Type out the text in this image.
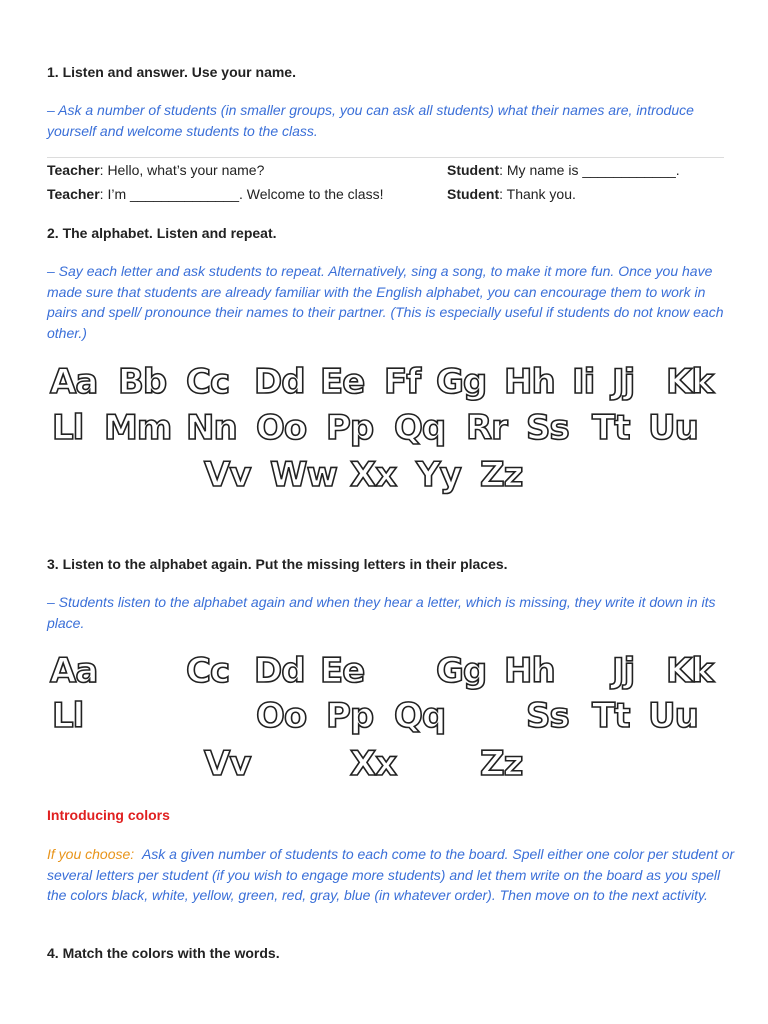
1. Listen and answer. Use your name.
– Ask a number of students (in smaller groups, you can ask all students) what their names are, introduce yourself and welcome students to the class.
Teacher: Hello, what’s your name?	Student: My name is ____________.
Teacher: I’m ______________. Welcome to the class!	Student: Thank you.
2. The alphabet. Listen and repeat.
– Say each letter and ask students to repeat. Alternatively, sing a song, to make it more fun. Once you have made sure that students are already familiar with the English alphabet, you can encourage them to work in pairs and spell/ pronounce their names to their partner. (This is especially useful if students do not know each other.)
Aa Bb Cc Dd Ee Ff Gg Hh Ii Jj Kk
Ll Mm Nn Oo Pp Qq Rr Ss Tt Uu
Vv Ww Xx Yy Zz
3. Listen to the alphabet again. Put the missing letters in their places.
– Students listen to the alphabet again and when they hear a letter, which is missing, they write it down in its place.
Aa	Cc Dd Ee Gg Hh Jj Kk
Ll	Oo Pp Qq Ss Tt Uu
Vv	Xx Zz
Introducing colors
If you choose: Ask a given number of students to each come to the board. Spell either one color per student or several letters per student (if you wish to engage more students) and let them write on the board as you spell the colors black, white, yellow, green, red, gray, blue (in whatever order). Then move on to the next activity.
4. Match the colors with the words.
